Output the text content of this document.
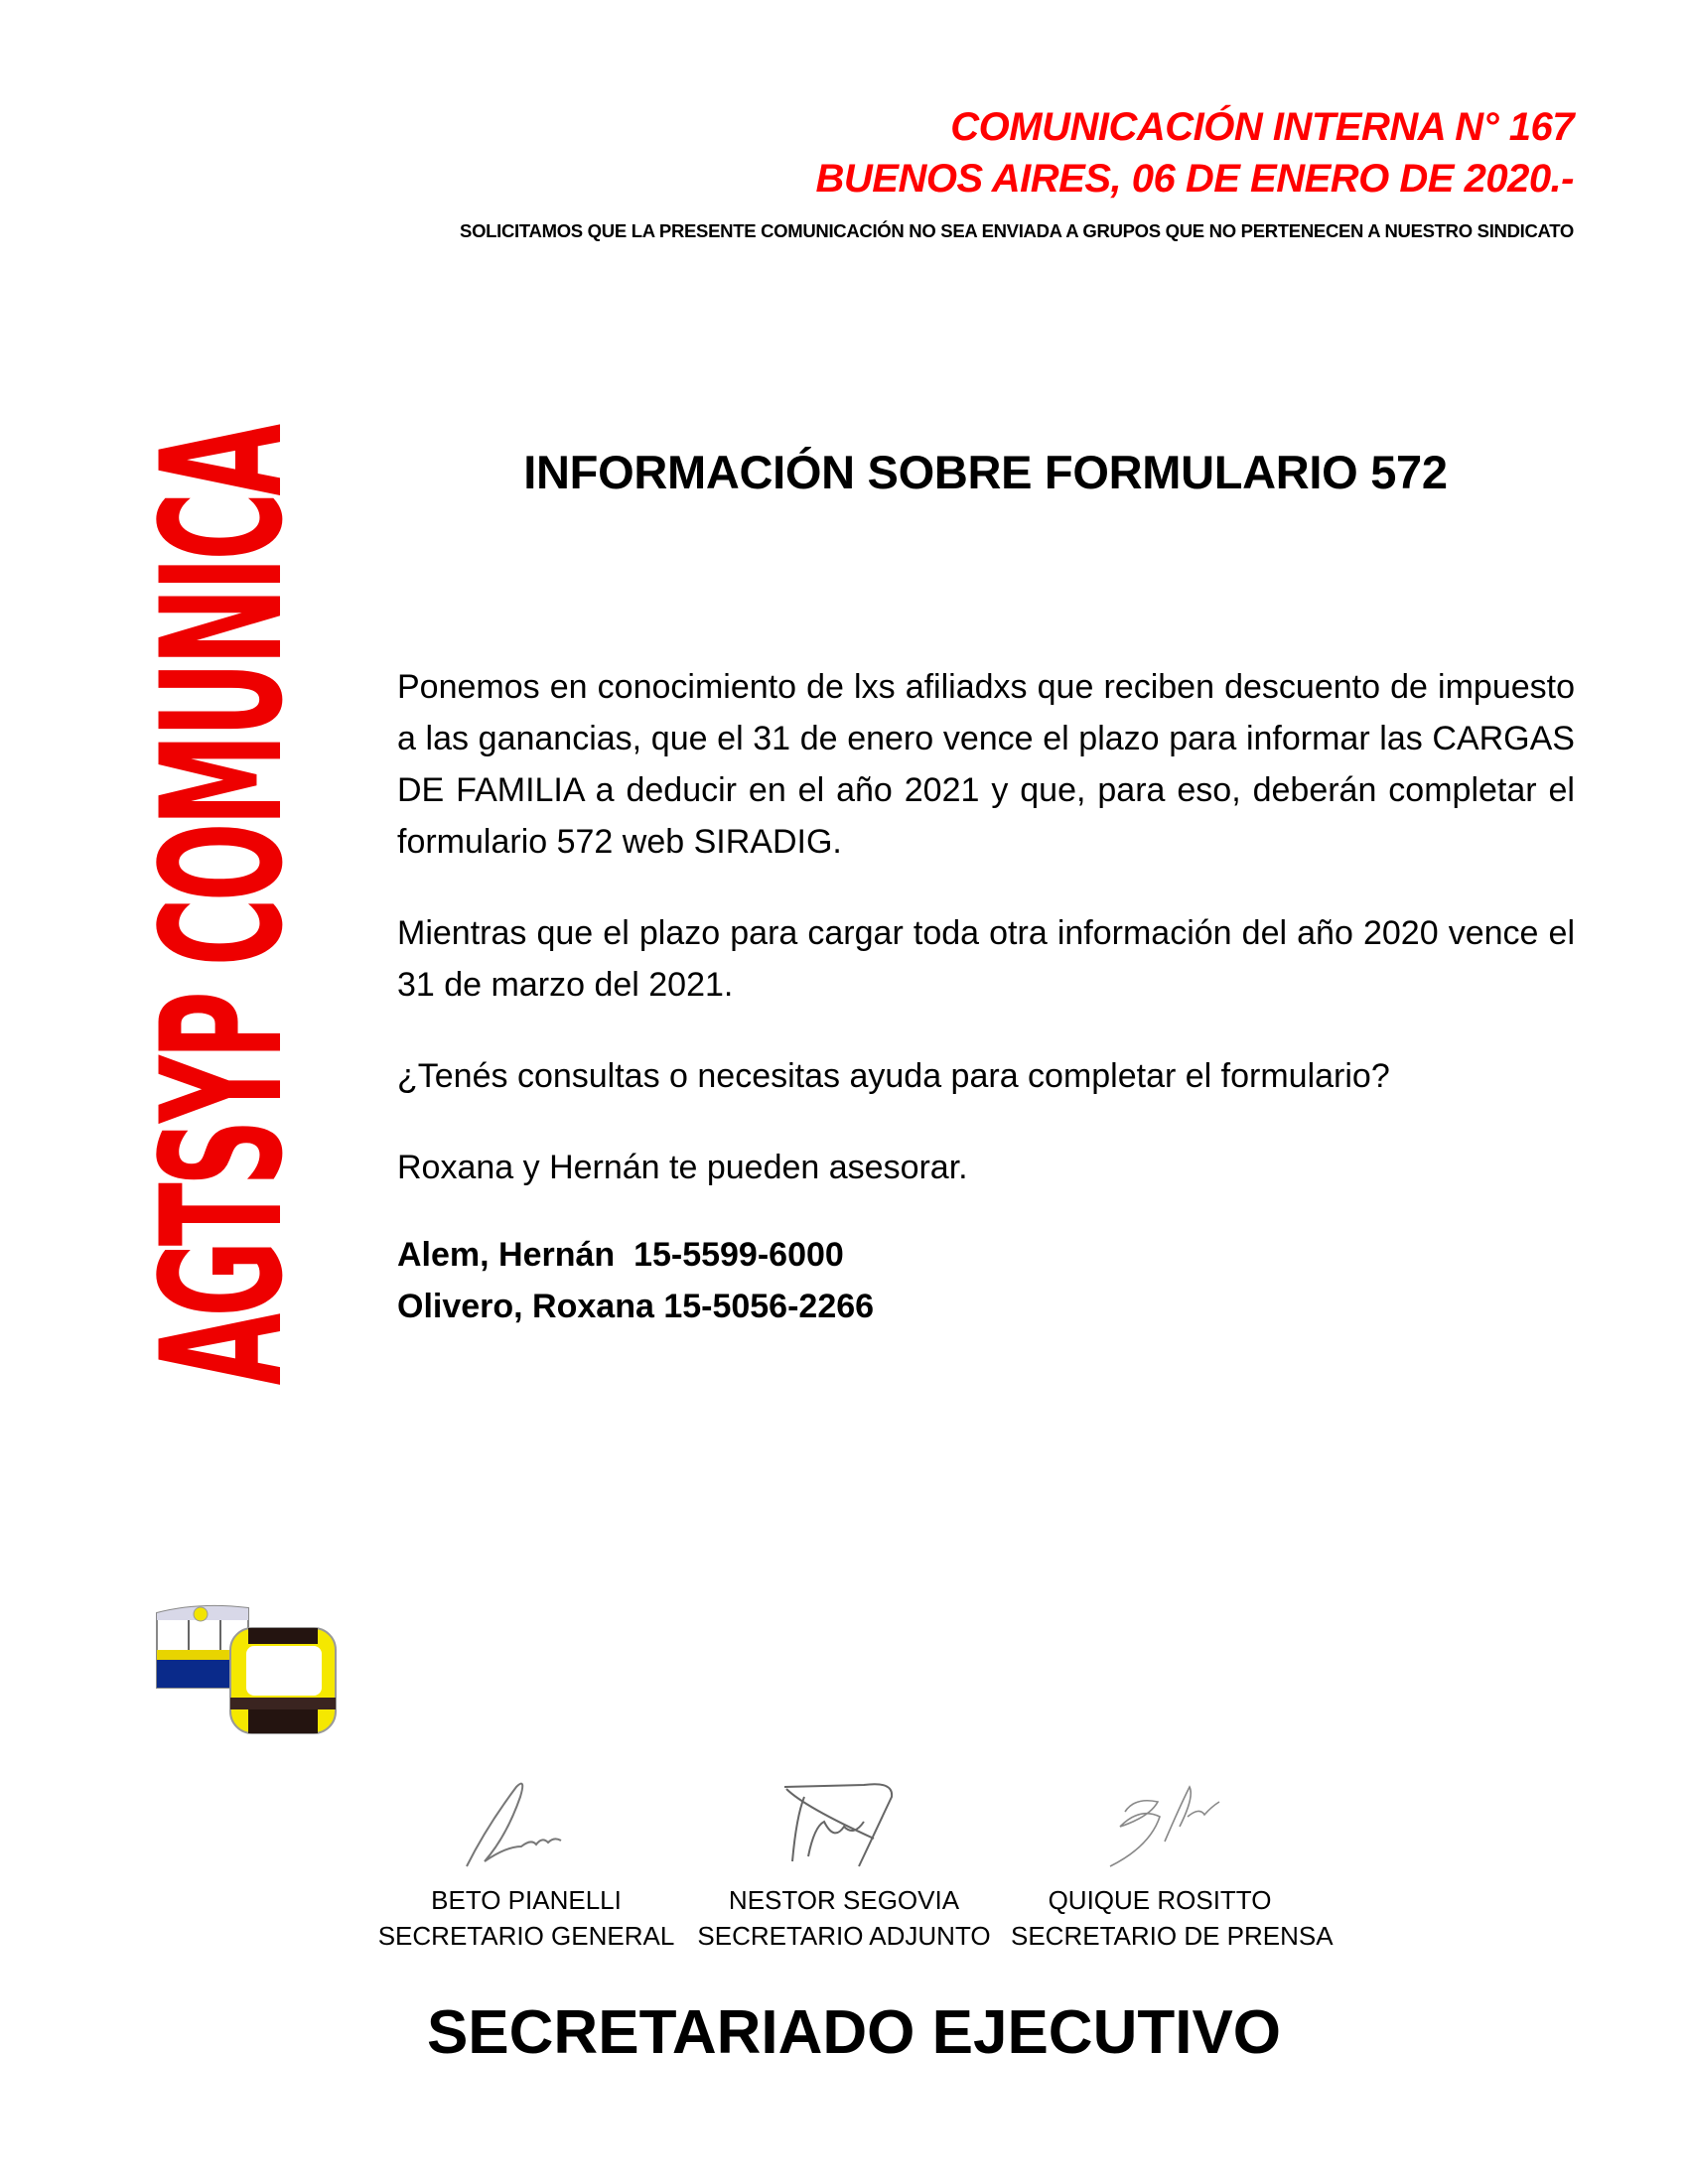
COMUNICACIÓN INTERNA N° 167
BUENOS AIRES, 06 DE ENERO DE 2020.-
SOLICITAMOS QUE LA PRESENTE COMUNICACIÓN NO SEA ENVIADA A GRUPOS QUE NO PERTENECEN A NUESTRO SINDICATO
AGTSYP COMUNICA	INFORMACIÓN SOBRE FORMULARIO 572

Ponemos en conocimiento de lxs afiliadxs que reciben descuento de impuesto a las ganancias, que el 31 de enero vence el plazo para informar las CARGAS DE FAMILIA a deducir en el año 2021 y que, para eso, deberán completar el formulario 572 web SIRADIG.

Mientras que el plazo para cargar toda otra información del año 2020 vence el 31 de marzo del 2021.

¿Tenés consultas o necesitas ayuda para completar el formulario?

Roxana y Hernán te pueden asesorar.

Alem, Hernán  15-5599-6000
Olivero, Roxana 15-5056-2266
BETO PIANELLI
SECRETARIO GENERAL
NESTOR SEGOVIA
SECRETARIO ADJUNTO
QUIQUE ROSITTO
SECRETARIO DE PRENSA
SECRETARIADO EJECUTIVO
